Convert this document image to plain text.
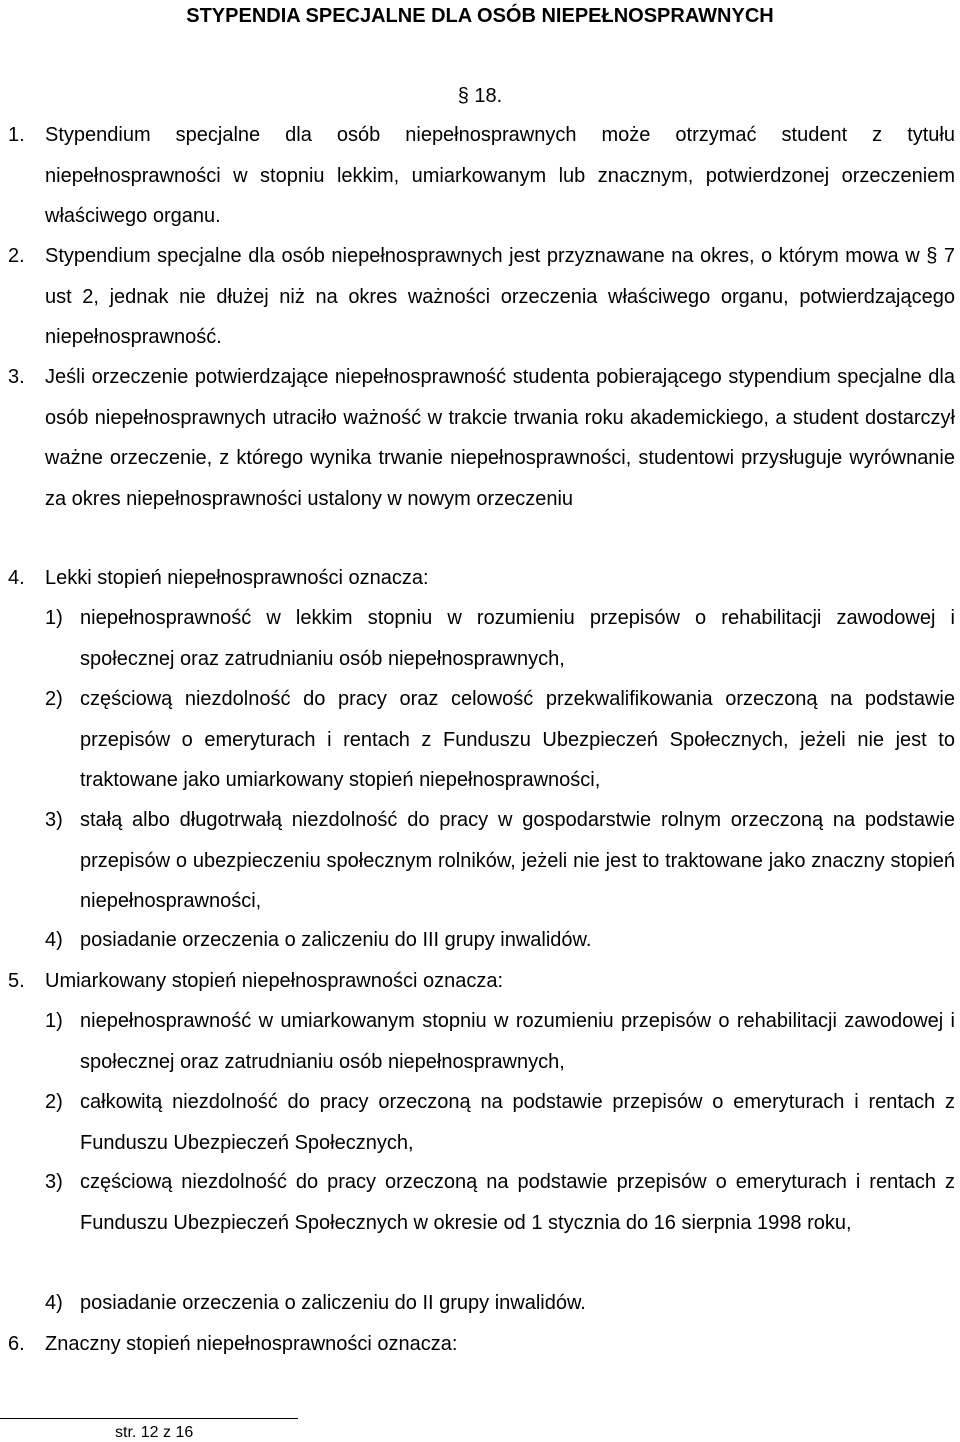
STYPENDIA SPECJALNE DLA OSÓB NIEPEŁNOSPRAWNYCH
§ 18.

1. Stypendium specjalne dla osób niepełnosprawnych może otrzymać student z tytułu niepełnosprawności w stopniu lekkim, umiarkowanym lub znacznym, potwierdzonej orzeczeniem właściwego organu.

2. Stypendium specjalne dla osób niepełnosprawnych jest przyznawane na okres, o którym mowa w § 7 ust 2, jednak nie dłużej niż na okres ważności orzeczenia właściwego organu, potwierdzającego niepełnosprawność.

3. Jeśli orzeczenie potwierdzające niepełnosprawność studenta pobierającego stypendium specjalne dla osób niepełnosprawnych utraciło ważność w trakcie trwania roku akademickiego, a student dostarczył ważne orzeczenie, z którego wynika trwanie niepełnosprawności, studentowi przysługuje wyrównanie za okres niepełnosprawności ustalony w nowym orzeczeniu

4. Lekki stopień niepełnosprawności oznacza:

1) niepełnosprawność w lekkim stopniu w rozumieniu przepisów o rehabilitacji zawodowej i społecznej oraz zatrudnianiu osób niepełnosprawnych,

2) częściową niezdolność do pracy oraz celowość przekwalifikowania orzeczoną na podstawie przepisów o emeryturach i rentach z Funduszu Ubezpieczeń Społecznych, jeżeli nie jest to traktowane jako umiarkowany stopień niepełnosprawności,

3) stałą albo długotrwałą niezdolność do pracy w gospodarstwie rolnym orzeczoną na podstawie przepisów o ubezpieczeniu społecznym rolników, jeżeli nie jest to traktowane jako znaczny stopień niepełnosprawności,

4) posiadanie orzeczenia o zaliczeniu do III grupy inwalidów.

5. Umiarkowany stopień niepełnosprawności oznacza:

1) niepełnosprawność w umiarkowanym stopniu w rozumieniu przepisów o rehabilitacji zawodowej i społecznej oraz zatrudnianiu osób niepełnosprawnych,

2) całkowitą niezdolność do pracy orzeczoną na podstawie przepisów o emeryturach i rentach z Funduszu Ubezpieczeń Społecznych,

3) częściową niezdolność do pracy orzeczoną na podstawie przepisów o emeryturach i rentach z Funduszu Ubezpieczeń Społecznych w okresie od 1 stycznia do 16 sierpnia 1998 roku,

4) posiadanie orzeczenia o zaliczeniu do II grupy inwalidów.

6. Znaczny stopień niepełnosprawności oznacza:

str. 12 z 16
